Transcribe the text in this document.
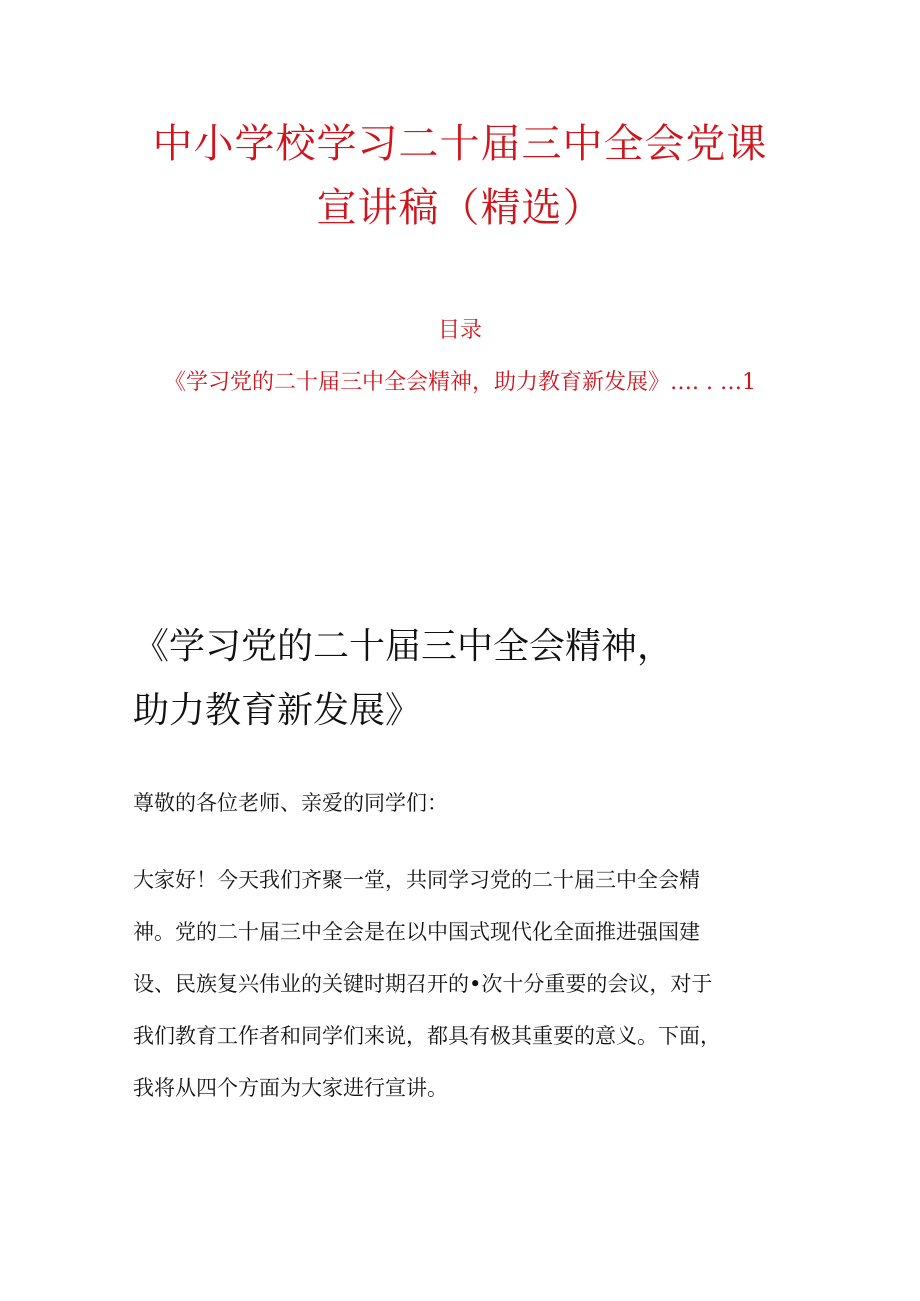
中小学校学习二十届三中全会党课
宣讲稿（精选）
目录
《学习党的二十届三中全会精神，助力教育新发展》…. . …1
《学习党的二十届三中全会精神，
助力教育新发展》
尊敬的各位老师、亲爱的同学们：
大家好！今天我们齐聚一堂，共同学习党的二十届三中全会精
神。党的二十届三中全会是在以中国式现代化全面推进强国建
设、民族复兴伟业的关键时期召开的•次十分重要的会议，对于
我们教育工作者和同学们来说，都具有极其重要的意义。下面，
我将从四个方面为大家进行宣讲。
